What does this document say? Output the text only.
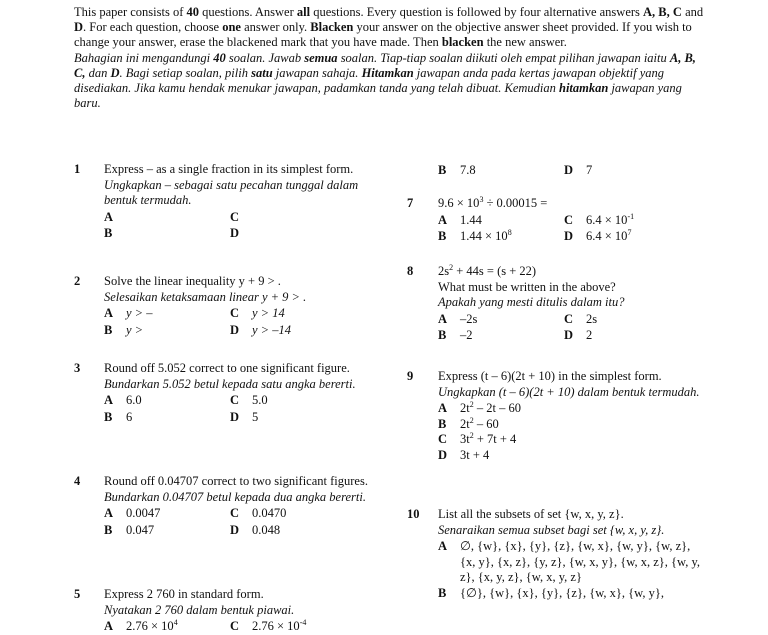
This paper consists of 40 questions. Answer all questions. Every question is followed by four alternative answers A, B, C and D. For each question, choose one answer only. Blacken your answer on the objective answer sheet provided. If you wish to change your answer, erase the blackened mark that you have made. Then blacken the new answer.

Bahagian ini mengandungi 40 soalan. Jawab semua soalan. Tiap-tiap soalan diikuti oleh empat pilihan jawapan iaitu A, B, C, dan D. Bagi setiap soalan, pilih satu jawapan sahaja. Hitamkan jawapan anda pada kertas jawapan objektif yang disediakan. Jika kamu hendak menukar jawapan, padamkan tanda yang telah dibuat. Kemudian hitamkan jawapan yang baru.

1 Express – as a single fraction in its simplest form.
Ungkapkan – sebagai satu pecahan tunggal dalam bentuk termudah.
A	C
B	D
2 Solve the linear inequality y + 9 > .
Selesaikan ketaksamaan linear y + 9 > .
A y > –	C y > 14
B y >	D y > –14
3 Round off 5.052 correct to one significant figure.
Bundarkan 5.052 betul kepada satu angka bererti.
A 6.0	C 5.0
B 6	D 5
4 Round off 0.04707 correct to two significant figures.
Bundarkan 0.04707 betul kepada dua angka bererti.
A 0.0047	C 0.0470
B 0.047	D 0.048
5 Express 2 760 in standard form.
Nyatakan 2 760 dalam bentuk piawai.
A $2.76 \times 10^4$	C $2.76 \times 10^{-4}$
B 7.8	D 7
7 $9.6 \times 10^3 \div 0.00015$ =
A 1.44	C $6.4 \times 10^{-1}$
B $1.44 \times 10^8$	D $6.4 \times 10^7$
8 $2s^2 + 44s = (s + 22)$
What must be written in the above?
Apakah yang mesti ditulis dalam itu?
A –2s	C 2s
B –2	D 2
9 Express (t – 6)(2t + 10) in the simplest form.
Ungkapkan (t – 6)(2t + 10) dalam bentuk termudah.
A $2t^2 - 2t - 60$
B $2t^2 - 60$
C $3t^2 + 7t + 4$
D 3t + 4
10 List all the subsets of set {w, x, y, z}.
Senaraikan semua subset bagi set {w, x, y, z}.
A ∅, {w}, {x}, {y}, {z}, {w, x}, {w, y}, {w, z}, {x, y}, {x, z}, {y, z}, {w, x, y}, {w, x, z}, {w, y, z}, {x, y, z}, {w, x, y, z}
B {∅}, {w}, {x}, {y}, {z}, {w, x}, {w, y},
